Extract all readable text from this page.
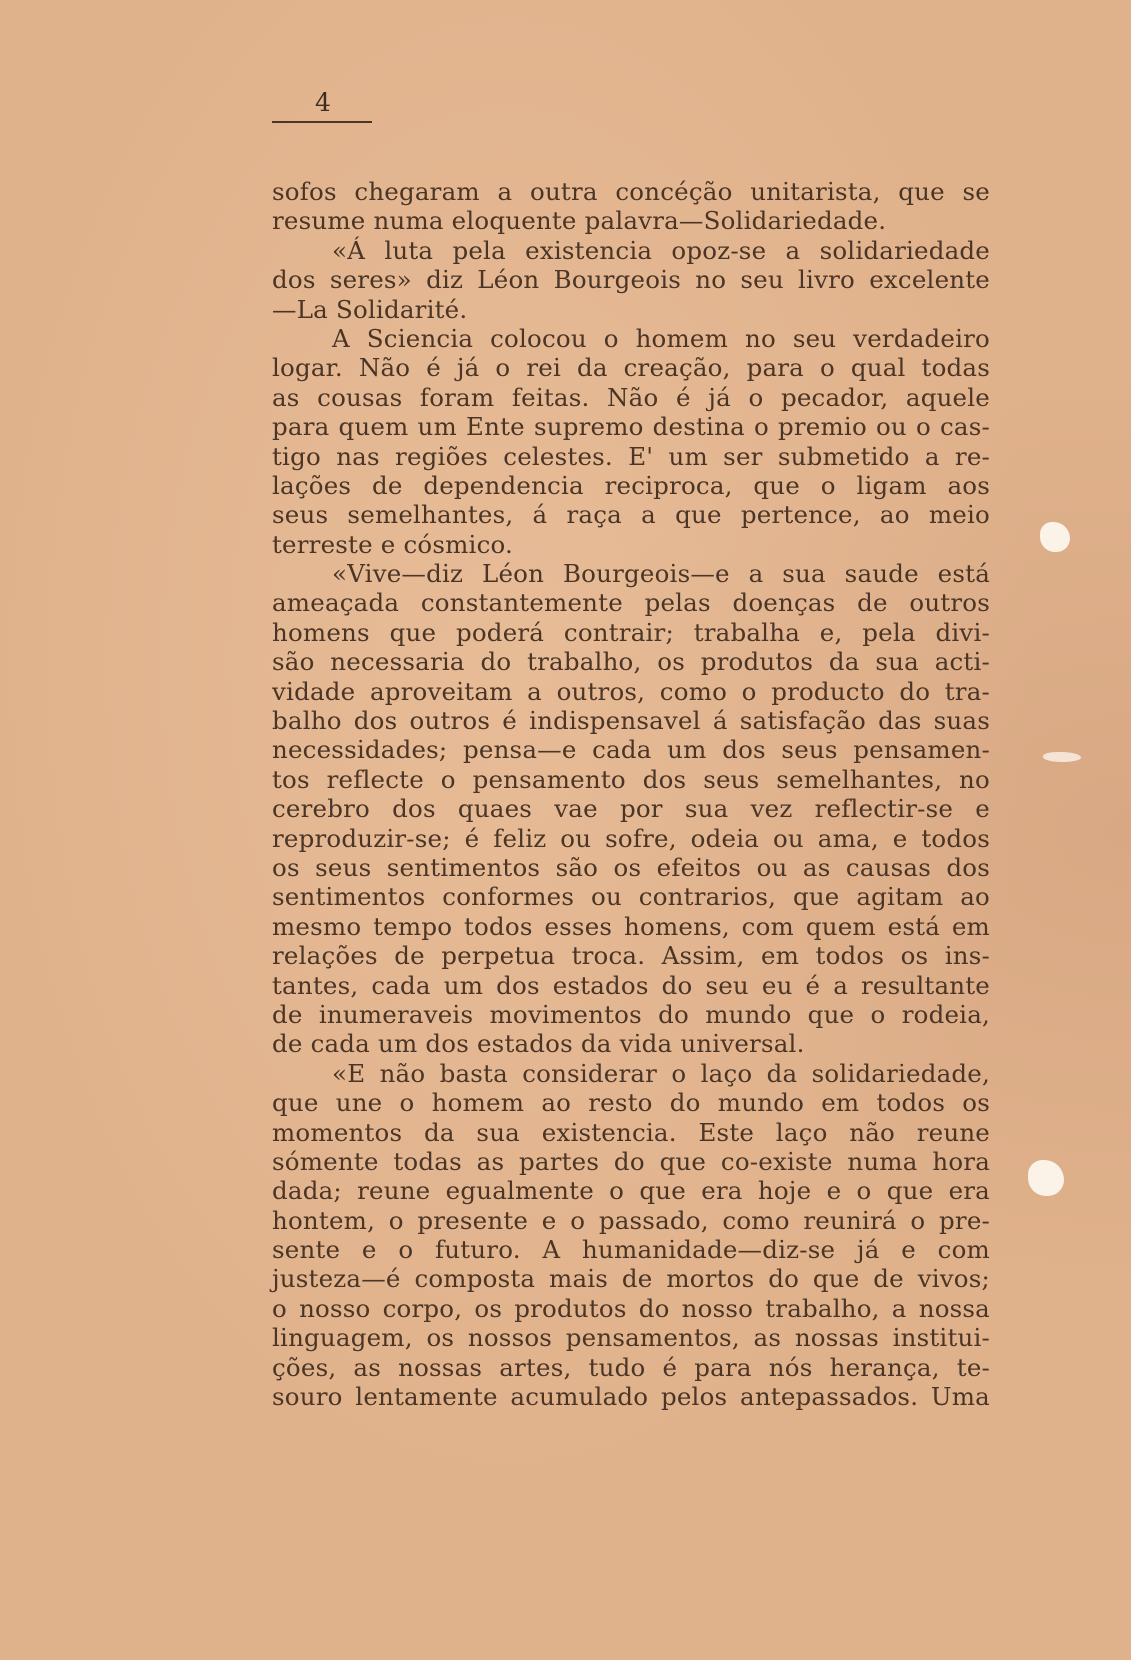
4
sofos chegaram a outra concéção unitarista, que se
resume numa eloquente palavra—Solidariedade.
«Á luta pela existencia opoz-se a solidariedade
dos seres» diz Léon Bourgeois no seu livro excelente
—La Solidarité.
A Sciencia colocou o homem no seu verdadeiro
logar. Não é já o rei da creação, para o qual todas
as cousas foram feitas. Não é já o pecador, aquele
para quem um Ente supremo destina o premio ou o cas-
tigo nas regiões celestes. E' um ser submetido a re-
lações de dependencia reciproca, que o ligam aos
seus semelhantes, á raça a que pertence, ao meio
terreste e cósmico.
«Vive—diz Léon Bourgeois—e a sua saude está
ameaçada constantemente pelas doenças de outros
homens que poderá contrair; trabalha e, pela divi-
são necessaria do trabalho, os produtos da sua acti-
vidade aproveitam a outros, como o producto do tra-
balho dos outros é indispensavel á satisfação das suas
necessidades; pensa—e cada um dos seus pensamen-
tos reflecte o pensamento dos seus semelhantes, no
cerebro dos quaes vae por sua vez reflectir-se e
reproduzir-se; é feliz ou sofre, odeia ou ama, e todos
os seus sentimentos são os efeitos ou as causas dos
sentimentos conformes ou contrarios, que agitam ao
mesmo tempo todos esses homens, com quem está em
relações de perpetua troca. Assim, em todos os ins-
tantes, cada um dos estados do seu eu é a resultante
de inumeraveis movimentos do mundo que o rodeia,
de cada um dos estados da vida universal.
«E não basta considerar o laço da solidariedade,
que une o homem ao resto do mundo em todos os
momentos da sua existencia. Este laço não reune
sómente todas as partes do que co-existe numa hora
dada; reune egualmente o que era hoje e o que era
hontem, o presente e o passado, como reunirá o pre-
sente e o futuro. A humanidade—diz-se já e com
justeza—é composta mais de mortos do que de vivos;
o nosso corpo, os produtos do nosso trabalho, a nossa
linguagem, os nossos pensamentos, as nossas institui-
ções, as nossas artes, tudo é para nós herança, te-
souro lentamente acumulado pelos antepassados. Uma
